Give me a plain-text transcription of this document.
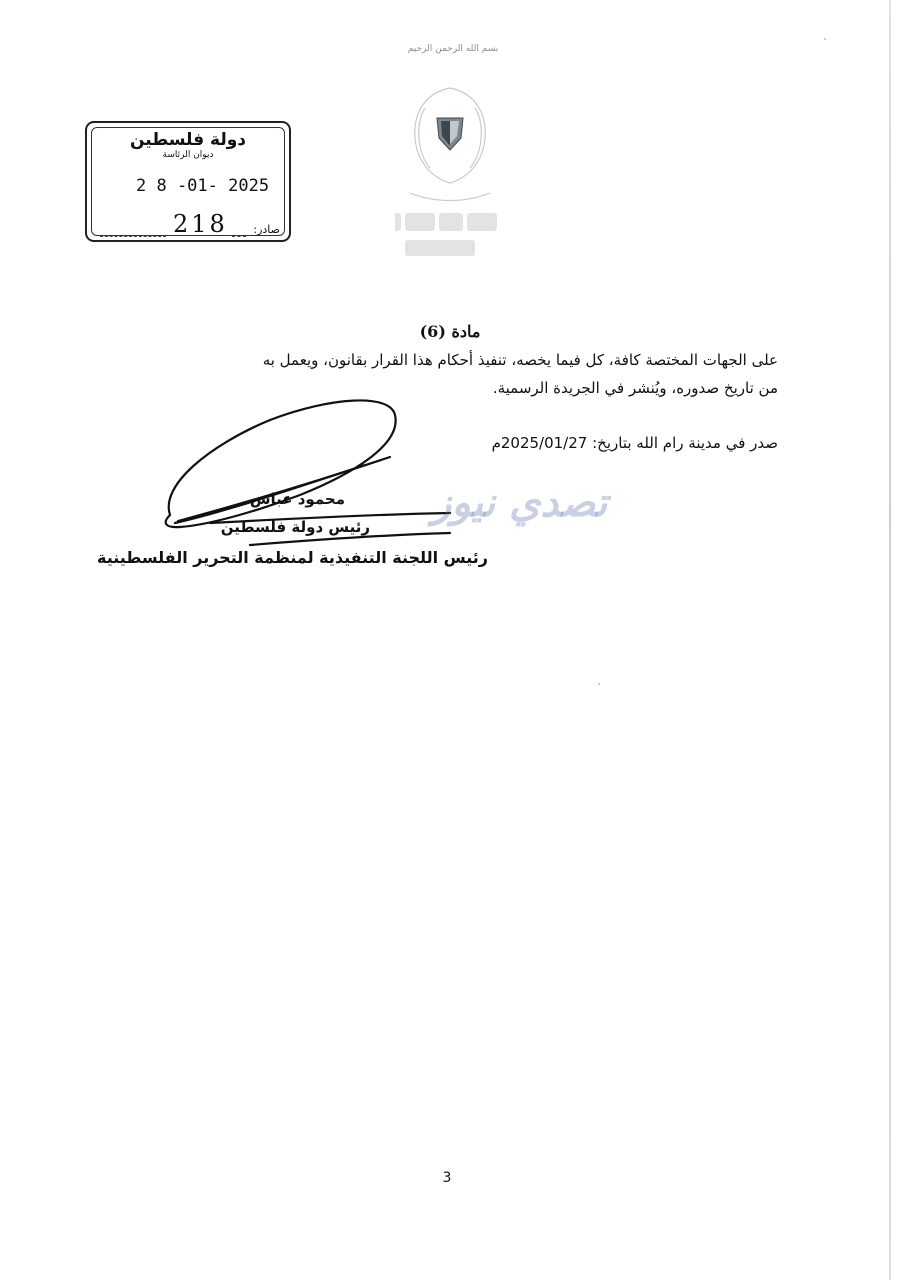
بسم الله الرحمن الرحيم
دولة فلسطين
ديوان الرئاسة
2 8 -01- 2025
218 صادر:
مادة (6)
على الجهات المختصة كافة، كل فيما يخصه، تنفيذ أحكام هذا القرار بقانون، ويعمل به
من تاريخ صدوره، ويُنشر في الجريدة الرسمية.
صدر في مدينة رام الله بتاريخ: 2025/01/27م
محمود عباس
رئيس دولة فلسطين
رئيس اللجنة التنفيذية لمنظمة التحرير الفلسطينية
تصدي نيوز
3
